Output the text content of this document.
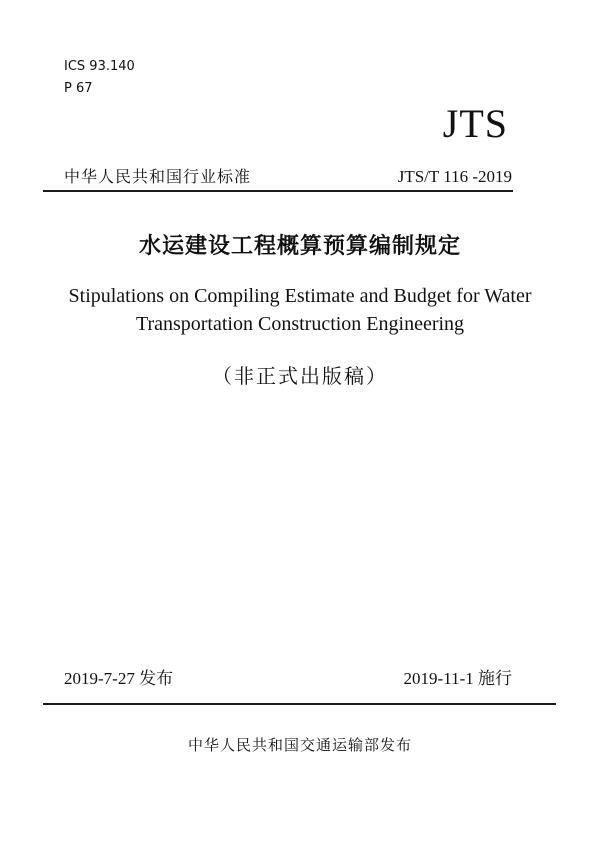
ICS 93.140
P 67
JTS
中华人民共和国行业标准	JTS/T 116 -2019
水运建设工程概算预算编制规定
Stipulations on Compiling Estimate and Budget for Water
Transportation Construction Engineering
（非正式出版稿）
2019-7-27 发布	2019-11-1 施行
中华人民共和国交通运输部发布
